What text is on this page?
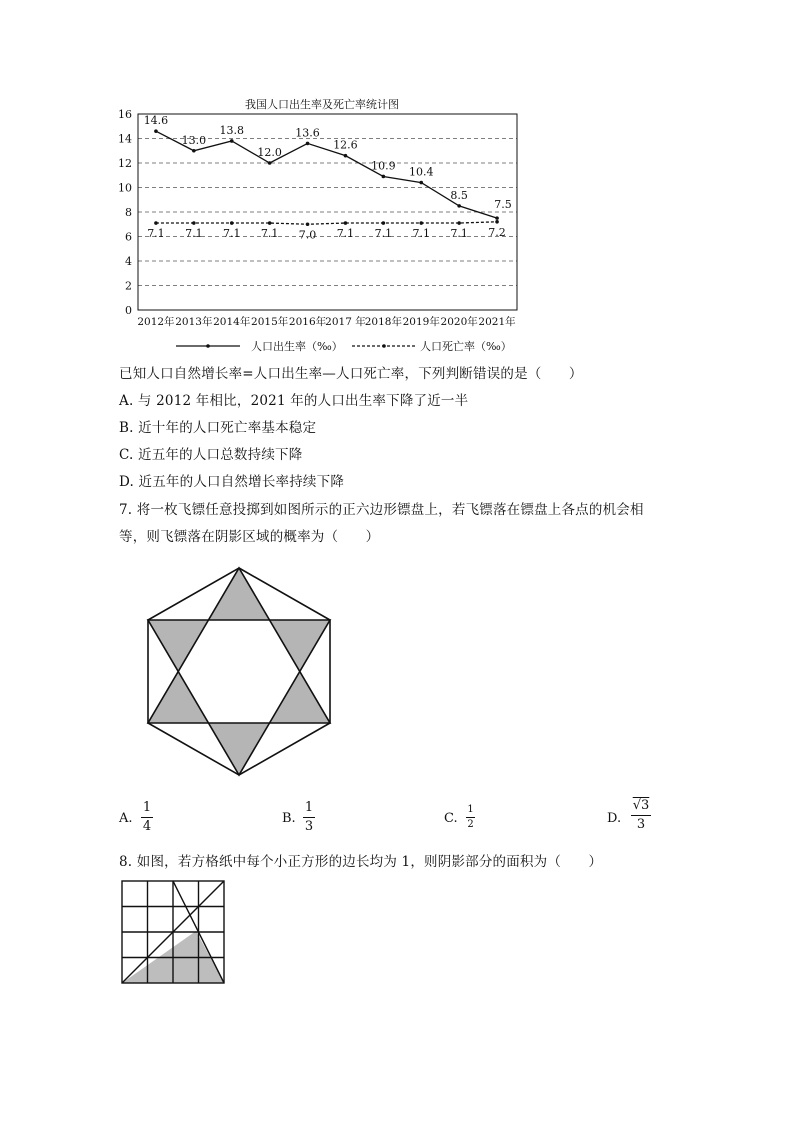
我国人口出生率及死亡率统计图
0
2
4
6
8
10
12
14
16
2012年 2013年 2014年 2015年 2016年 2017 年 2018年 2019年 2020年 2021年
14.6
13.0
13.8
12.0
13.6
12.6
10.9 10.4
8.5
7.5
7.1 7.1 7.1 7.1 7.0 7.1 7.1 7.1 7.1 7.2
人口出生率（‰）	人口死亡率（‰）
已知人口自然增长率=人口出生率—人口死亡率，下列判断错误的是（　　）
A. 与 2012 年相比，2021 年的人口出生率下降了近一半
B. 近十年的人口死亡率基本稳定
C. 近五年的人口总数持续下降
D. 近五年的人口自然增长率持续下降
7. 将一枚飞镖任意投掷到如图所示的正六边形镖盘上，若飞镖落在镖盘上各点的机会相
等，则飞镖落在阴影区域的概率为（　　）
A.
1
4
B.
1
3
C.
1
2	D.
√3
3
8. 如图，若方格纸中每个小正方形的边长均为 1，则阴影部分的面积为（　　）
